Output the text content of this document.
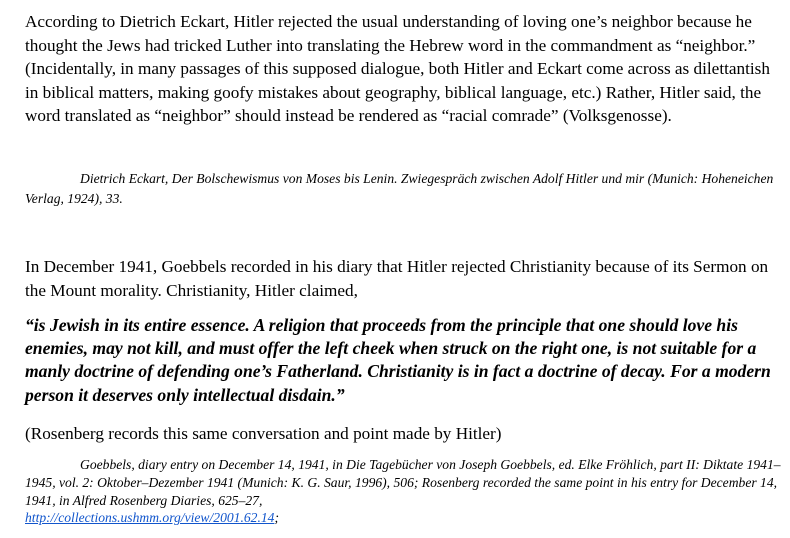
According to Dietrich Eckart, Hitler rejected the usual understanding of loving one’s neighbor because he thought the Jews had tricked Luther into translating the Hebrew word in the commandment as “neighbor.” (Incidentally, in many passages of this supposed dialogue, both Hitler and Eckart come across as dilettantish in biblical matters, making goofy mistakes about geography, biblical language, etc.) Rather, Hitler said, the word translated as “neighbor” should instead be rendered as “racial comrade” (Volksgenosse).

Dietrich Eckart, Der Bolschewismus von Moses bis Lenin. Zwiegespräch zwischen Adolf Hitler und mir (Munich: Hoheneichen Verlag, 1924), 33.

In December 1941, Goebbels recorded in his diary that Hitler rejected Christianity because of its Sermon on the Mount morality. Christianity, Hitler claimed,

“is Jewish in its entire essence. A religion that proceeds from the principle that one should love his enemies, may not kill, and must offer the left cheek when struck on the right one, is not suitable for a manly doctrine of defending one’s Fatherland. Christianity is in fact a doctrine of decay. For a modern person it deserves only intellectual disdain.”

(Rosenberg records this same conversation and point made by Hitler)

Goebbels, diary entry on December 14, 1941, in Die Tagebücher von Joseph Goebbels, ed. Elke Fröhlich, part II: Diktate 1941–1945, vol. 2: Oktober–Dezember 1941 (Munich: K. G. Saur, 1996), 506; Rosenberg recorded the same point in his entry for December 14, 1941, in Alfred Rosenberg Diaries, 625–27,
http://collections.ushmm.org/view/2001.62.14;
